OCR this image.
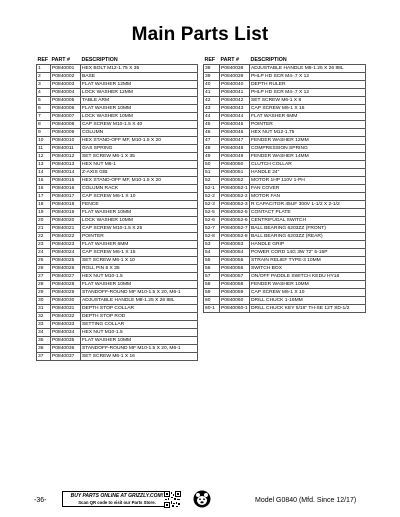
Main Parts List
REF	PART #	DESCRIPTION
1	P0840001	HEX BOLT M12-1.75 X 35
2	P0840002	BASE
3	P0840003	FLAT WASHER 12MM
4	P0840004	LOCK WASHER 12MM
5	P0840005	TABLE ARM
6	P0840006	FLAT WASHER 10MM
7	P0840007	LOCK WASHER 10MM
8	P0840008	CAP SCREW M10-1.5 X 40
9	P0840009	COLUMN
10	P0840010	HEX STAND-OFF MF, M10-1.5 X 20
11	P0840011	GAS SPRING
12	P0840012	SET SCREW M6-1 X 35
13	P0840013	HEX NUT M6-1
14	P0840014	Z-AXIS GIB
15	P0840015	HEX STAND-OFF MF, M10-1.5 X 20
16	P0840016	COLUMN RACK
17	P0840017	CAP SCREW M6-1 X 10
18	P0840018	FENCE
19	P0840019	FLAT WASHER 10MM
20	P0840020	LOCK WASHER 10MM
21	P0840021	CAP SCREW M10-1.5 X 25
22	P0840022	POINTER
23	P0840023	FLAT WASHER 6MM
24	P0840024	CAP SCREW M6-1 X 15
25	P0840025	SET SCREW M6-1 X 10
26	P0840026	ROLL PIN 6 X 35
27	P0840027	HEX NUT M10-1.5
28	P0840028	FLAT WASHER 10MM
29	P0840029	STANDOFF-ROUND MF M10-1.5 X 20, M6-1
30	P0840030	ADJUSTABLE HANDLE M8-1.25 X 26 88L
31	P0840031	DEPTH STOP COLLAR
32	P0840032	DEPTH STOP ROD
33	P0840033	SETTING COLLAR
34	P0840034	HEX NUT M10-1.5
35	P0840035	FLAT WASHER 10MM
36	P0840036	STANDOFF-ROUND MF M10-1.5 X 20, M6-1
37	P0840037	SET SCREW M6-1 X 16
REF	PART #	DESCRIPTION
38	P0840038	ADJUSTABLE HANDLE M8-1.25 X 26 88L
39	P0840039	PHLP HD SCR M4-.7 X 12
40	P0840040	DEPTH RULER
41	P0840041	PHLP HD SCR M4-.7 X 12
42	P0840042	SET SCREW M6-1 X 8
43	P0840043	CAP SCREW M6-1 X 15
44	P0840044	FLAT WASHER 6MM
45	P0840045	POINTER
46	P0840046	HEX NUT M12-1.75
47	P0840047	FENDER WASHER 12MM
48	P0840048	COMPRESSION SPRING
49	P0840049	FENDER WASHER 14MM
50	P0840050	CLUTCH COLLAR
51	P0840051	HANDLE 24"
52	P0840052	MOTOR 1HP 110V 1-PH
52-1	P0840052-1	FAN COVER
52-2	P0840052-2	MOTOR FAN
52-3	P0840052-3	R CAPACITOR 45UF 300V 1-1/2 X 2-1/2
52-5	P0840052-5	CONTACT PLATE
52-6	P0840052-6	CENTRIFUGAL SWITCH
52-7	P0840052-7	BALL BEARING 6203ZZ (FRONT)
52-8	P0840052-8	BALL BEARING 6203ZZ (REAR)
53	P0840053	HANDLE GRIP
54	P0840054	POWER CORD 14G 3W 72" 5-15P
55	P0840055	STRAIN RELIEF TYPE-3 10MM
56	P0840056	SWITCH BOX
57	P0840057	ON/OFF PADDLE SWITCH KEDU HY18
58	P0840058	FENDER WASHER 10MM
59	P0840059	CAP SCREW M6-1 X 10
60	P0840060	DRILL CHUCK 1-16MM
60-1	P0840060-1	DRILL CHUCK KEY 5/16" TH-SE 12T SD-1/2
-36-
BUY PARTS ONLINE AT GRIZZLY.COM!
Scan QR code to visit our Parts Store.	Model G0840 (Mfd. Since 12/17)
